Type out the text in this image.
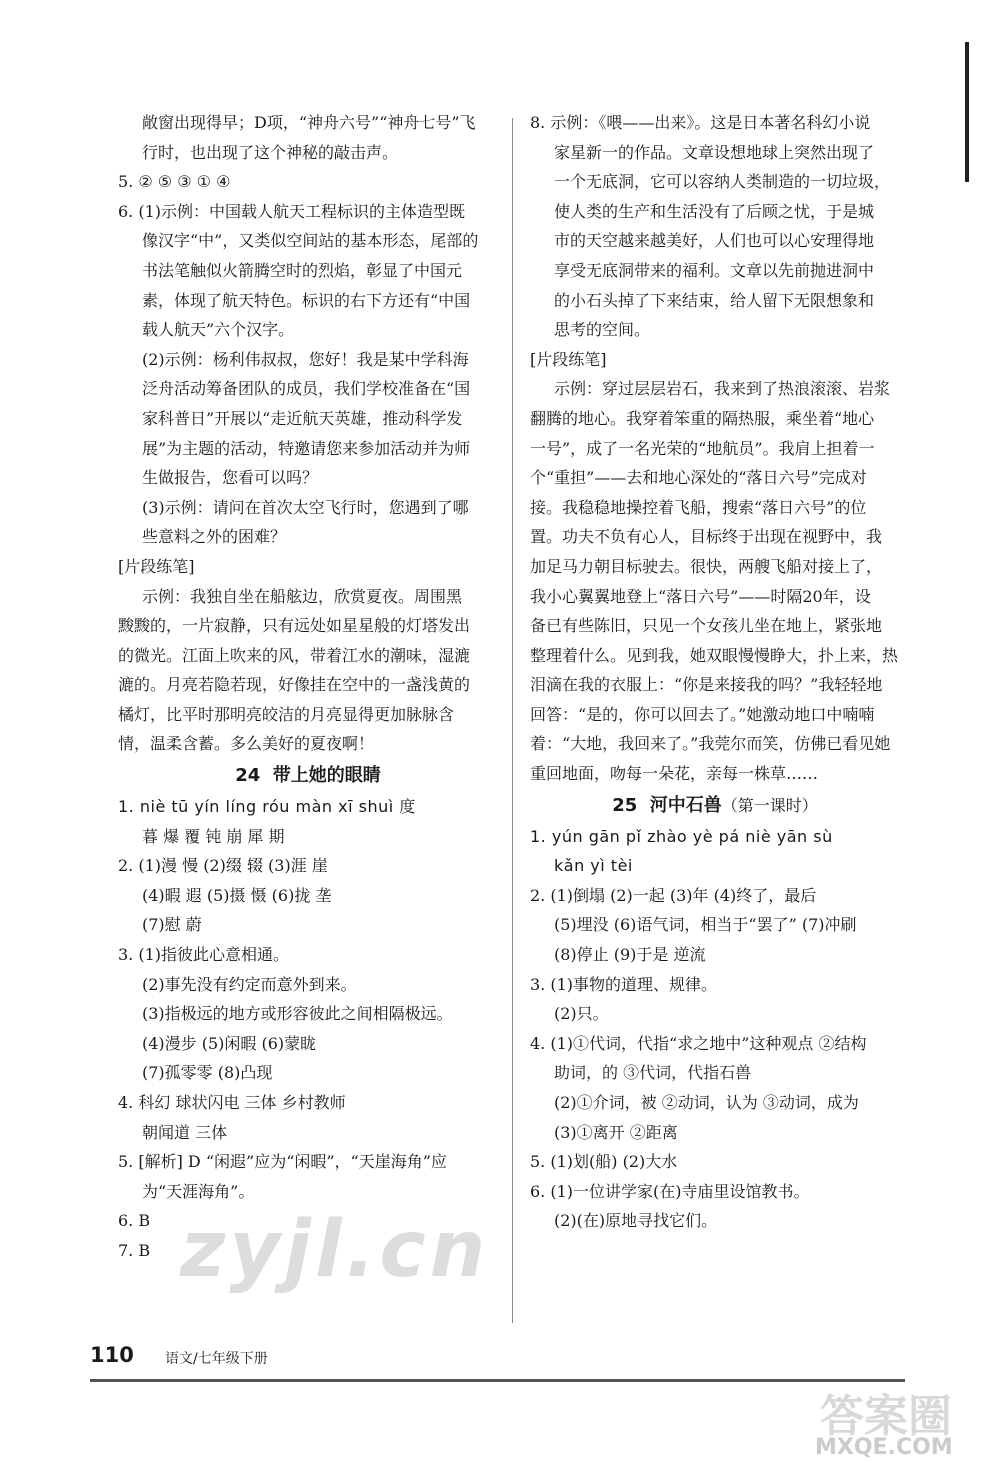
敞窗出现得早；D项，“神舟六号”“神舟七号”飞
行时，也出现了这个神秘的敲击声。
5. ② ⑤ ③ ① ④
6. (1)示例：中国载人航天工程标识的主体造型既
像汉字“中”，又类似空间站的基本形态，尾部的
书法笔触似火箭腾空时的烈焰，彰显了中国元
素，体现了航天特色。标识的右下方还有“中国
载人航天”六个汉字。
(2)示例：杨利伟叔叔，您好！我是某中学科海
泛舟活动筹备团队的成员，我们学校准备在“国
家科普日”开展以“走近航天英雄，推动科学发
展”为主题的活动，特邀请您来参加活动并为师
生做报告，您看可以吗？
(3)示例：请问在首次太空飞行时，您遇到了哪
些意料之外的困难？
[片段练笔]
示例：我独自坐在船舷边，欣赏夏夜。周围黑
黢黢的，一片寂静，只有远处如星星般的灯塔发出
的微光。江面上吹来的风，带着江水的潮味，湿漉
漉的。月亮若隐若现，好像挂在空中的一盏浅黄的
橘灯，比平时那明亮皎洁的月亮显得更加脉脉含
情，温柔含蓄。多么美好的夏夜啊！
24 带上她的眼睛
1. niè tū yín líng róu màn xī shuì 度
暮 爆 覆 钝 崩 犀 期
2. (1)漫 慢 (2)缀 辍 (3)涯 崖
(4)暇 遐 (5)摄 慑 (6)拢 垄
(7)慰 蔚
3. (1)指彼此心意相通。
(2)事先没有约定而意外到来。
(3)指极远的地方或形容彼此之间相隔极远。
(4)漫步 (5)闲暇 (6)蒙眬
(7)孤零零 (8)凸现
4. 科幻 球状闪电 三体 乡村教师
朝闻道 三体
5. [解析] D “闲遐”应为“闲暇”，“天崖海角”应
为“天涯海角”。
6. B
7. B
8. 示例：《喂——出来》。这是日本著名科幻小说
家星新一的作品。文章设想地球上突然出现了
一个无底洞，它可以容纳人类制造的一切垃圾，
使人类的生产和生活没有了后顾之忧，于是城
市的天空越来越美好，人们也可以心安理得地
享受无底洞带来的福利。文章以先前抛进洞中
的小石头掉了下来结束，给人留下无限想象和
思考的空间。
[片段练笔]
示例：穿过层层岩石，我来到了热浪滚滚、岩浆
翻腾的地心。我穿着笨重的隔热服，乘坐着“地心
一号”，成了一名光荣的“地航员”。我肩上担着一
个“重担”——去和地心深处的“落日六号”完成对
接。我稳稳地操控着飞船，搜索“落日六号”的位
置。功夫不负有心人，目标终于出现在视野中，我
加足马力朝目标驶去。很快，两艘飞船对接上了，
我小心翼翼地登上“落日六号”——时隔20年，设
备已有些陈旧，只见一个女孩儿坐在地上，紧张地
整理着什么。见到我，她双眼慢慢睁大，扑上来，热
泪滴在我的衣服上：“你是来接我的吗？”我轻轻地
回答：“是的，你可以回去了。”她激动地口中喃喃
着：“大地，我回来了。”我莞尔而笑，仿佛已看见她
重回地面，吻每一朵花，亲每一株草……
25 河中石兽（第一课时）
1. yún gān pǐ zhào yè pá niè yān sù
kǎn yì tèi
2. (1)倒塌 (2)一起 (3)年 (4)终了，最后
(5)埋没 (6)语气词，相当于“罢了” (7)冲刷
(8)停止 (9)于是 逆流
3. (1)事物的道理、规律。
(2)只。
4. (1)①代词，代指“求之地中”这种观点 ②结构
助词，的 ③代词，代指石兽
(2)①介词，被 ②动词，认为 ③动词，成为
(3)①离开 ②距离
5. (1)划(船) (2)大水
6. (1)一位讲学家(在)寺庙里设馆教书。
(2)(在)原地寻找它们。
zyjl.cn
110 语文/七年级下册
答案圈
MXQE.COM
